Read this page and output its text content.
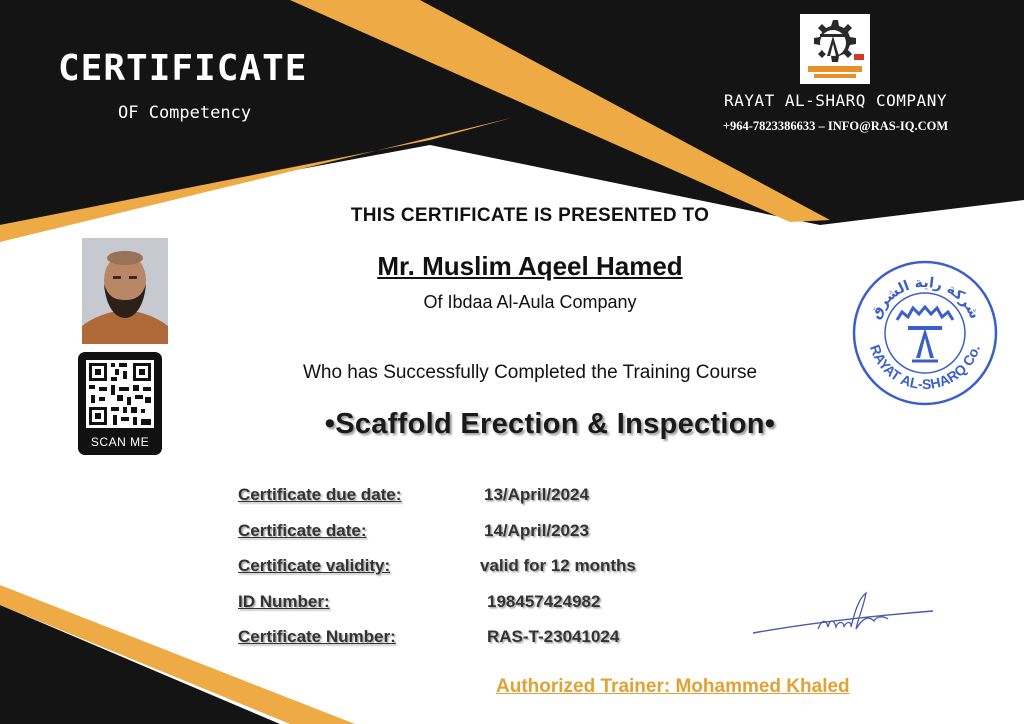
CERTIFICATE
OF Competency
RAYAT AL-SHARQ COMPANY
+964-7823386633 – INFO@RAS-IQ.COM
SCAN ME
THIS CERTIFICATE IS PRESENTED TO
Mr. Muslim Aqeel Hamed
Of Ibdaa Al-Aula Company
Who has Successfully Completed the Training Course
•Scaffold Erection & Inspection•
Certificate due date:	13/April/2024
Certificate date:	14/April/2023
Certificate validity:	valid for 12 months
ID Number:	198457424982
Certificate Number:	RAS-T-23041024
شركة راية الشرق
RAYAT AL-SHARQ Co.
Authorized Trainer: Mohammed Khaled
